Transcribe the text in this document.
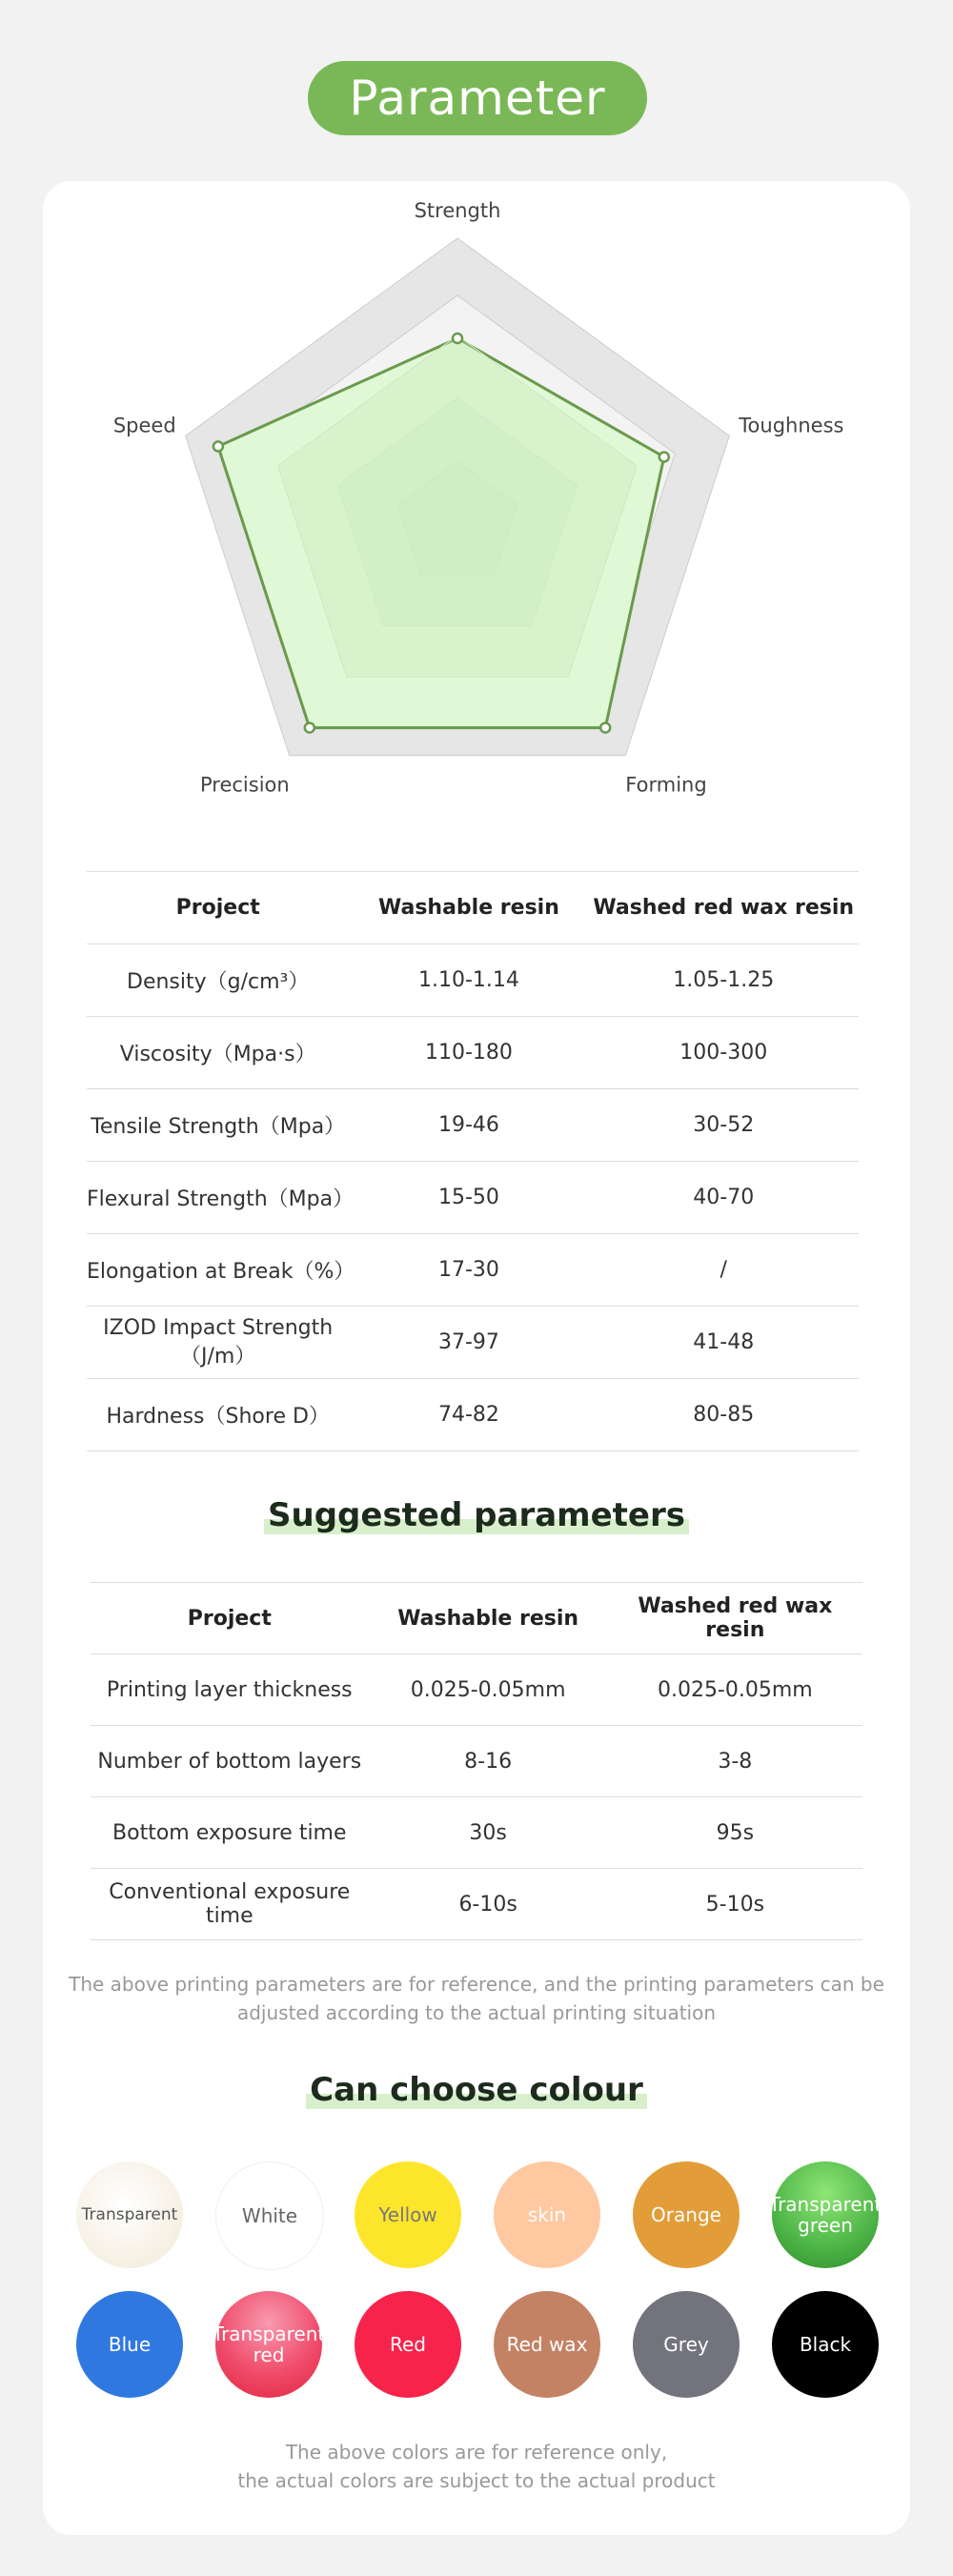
Parameter
Strength
Toughness
Forming
Precision
Speed
Project	Washable resin	Washed red wax resin
Density（g/cm³）	1.10-1.14	1.05-1.25
Viscosity（Mpa·s）	110-180	100-300
Tensile Strength（Mpa）	19-46	30-52
Flexural Strength（Mpa）	15-50	40-70
Elongation at Break（%）	17-30	/
IZOD Impact Strength（J/m）	37-97	41-48
Hardness（Shore D）	74-82	80-85
Suggested parameters
Project	Washable resin	Washed red wax resin
Printing layer thickness	0.025-0.05mm	0.025-0.05mm
Number of bottom layers	8-16	3-8
Bottom exposure time	30s	95s
Conventional exposure time	6-10s	5-10s
The above printing parameters are for reference, and the printing parameters can be
adjusted according to the actual printing situation
Can choose colour
Transparent	White	Yellow	skin	Orange Transparent green
Blue	Transparent red	Red	Red wax	Grey	Black
The above colors are for reference only,
the actual colors are subject to the actual product
